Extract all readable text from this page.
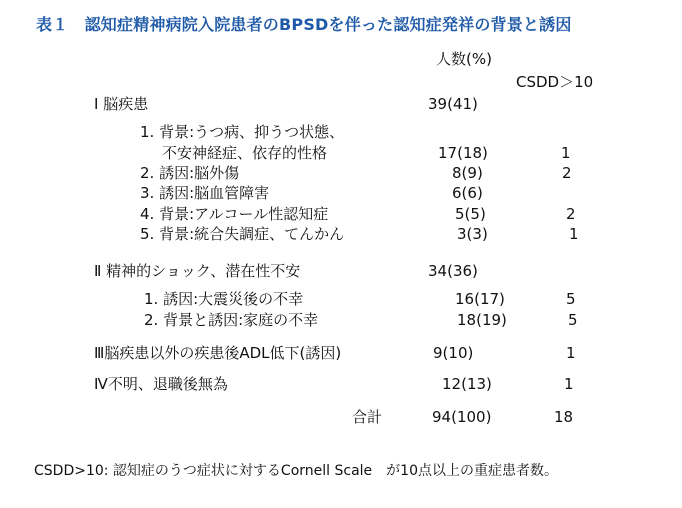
表１　認知症精神病院入院患者のBPSDを伴った認知症発祥の背景と誘因
人数(%)
CSDD＞10
Ⅰ 脳疾患	39(41)
1. 背景:うつ病、抑うつ状態、
不安神経症、依存的性格	17(18)	1
2. 誘因:脳外傷	8(9)	2
3. 誘因:脳血管障害	6(6)
4. 背景:アルコール性認知症	5(5)	2
5. 背景:統合失調症、てんかん	3(3)	1
Ⅱ 精神的ショック、潜在性不安	34(36)
1. 誘因:大震災後の不幸	16(17)	5
2. 背景と誘因:家庭の不幸	18(19)	5
Ⅲ脳疾患以外の疾患後ADL低下(誘因)	9(10)	1
Ⅳ不明、退職後無為	12(13)	1
合計	94(100)	18
CSDD>10: 認知症のうつ症状に対するCornell Scale　が10点以上の重症患者数。
